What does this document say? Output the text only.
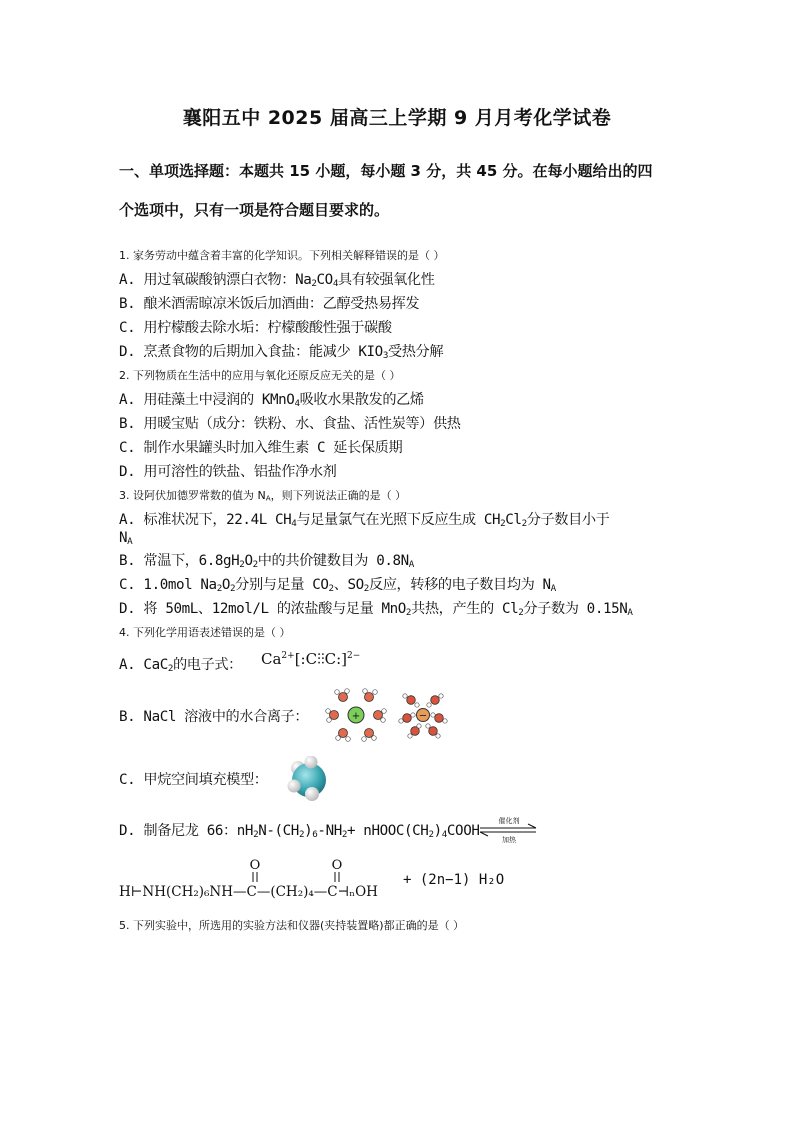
襄阳五中 2025 届高三上学期 9 月月考化学试卷
一、单项选择题：本题共 15 小题，每小题 3 分，共 45 分。在每小题给出的四
个选项中，只有一项是符合题目要求的。
1. 家务劳动中蕴含着丰富的化学知识。下列相关解释错误的是（ ）
A. 用过氧碳酸钠漂白衣物：$Na_2CO_4$具有较强氧化性
B. 酿米酒需晾凉米饭后加酒曲：乙醇受热易挥发
C. 用柠檬酸去除水垢：柠檬酸酸性强于碳酸
D. 烹煮食物的后期加入食盐：能减少 $KIO_3$受热分解
2. 下列物质在生活中的应用与氧化还原反应无关的是（ ）
A. 用硅藻土中浸润的 KMnO$_4$吸收水果散发的乙烯
B. 用暖宝贴（成分：铁粉、水、食盐、活性炭等）供热
C. 制作水果罐头时加入维生素 C 延长保质期
D. 用可溶性的铁盐、铝盐作净水剂
3. 设阿伏加德罗常数的值为 $N_A$，则下列说法正确的是（ ）
A. 标准状况下，22.4L $CH_4$与足量氯气在光照下反应生成 $CH_2Cl_2$分子数目小于
$N_A$
B. 常温下，$6.8gH_2O_2$中的共价键数目为 $0.8N_A$
C. 1.0mol $Na_2O_2$分别与足量 $CO_2$、$SO_2$反应，转移的电子数目均为 $N_A$
D. 将 50mL、12mol/L 的浓盐酸与足量 MnO$_2$共热，产生的 $Cl_2$分子数为 $0.15N_A$
4. 下列化学用语表述错误的是（ ）
A. CaC$_2$的电子式： $Ca^{2+}[:C⫶⫶C:]^{2-}$
B. NaCl 溶液中的水合离子：	+	−
C. 甲烷空间填充模型：
D. 制备尼龙 66：$nH_2N-(CH_2)_6-NH_2+$ $nHOOC(CH_2)_4COOH$
催化剂
加热
O	O
H⊢NH(CH₂)₆NH—C—(CH₂)₄—C⊣ₙOH
+ (2n−1) H₂O
5. 下列实验中，所选用的实验方法和仪器(夹持装置略)都正确的是（ ）
